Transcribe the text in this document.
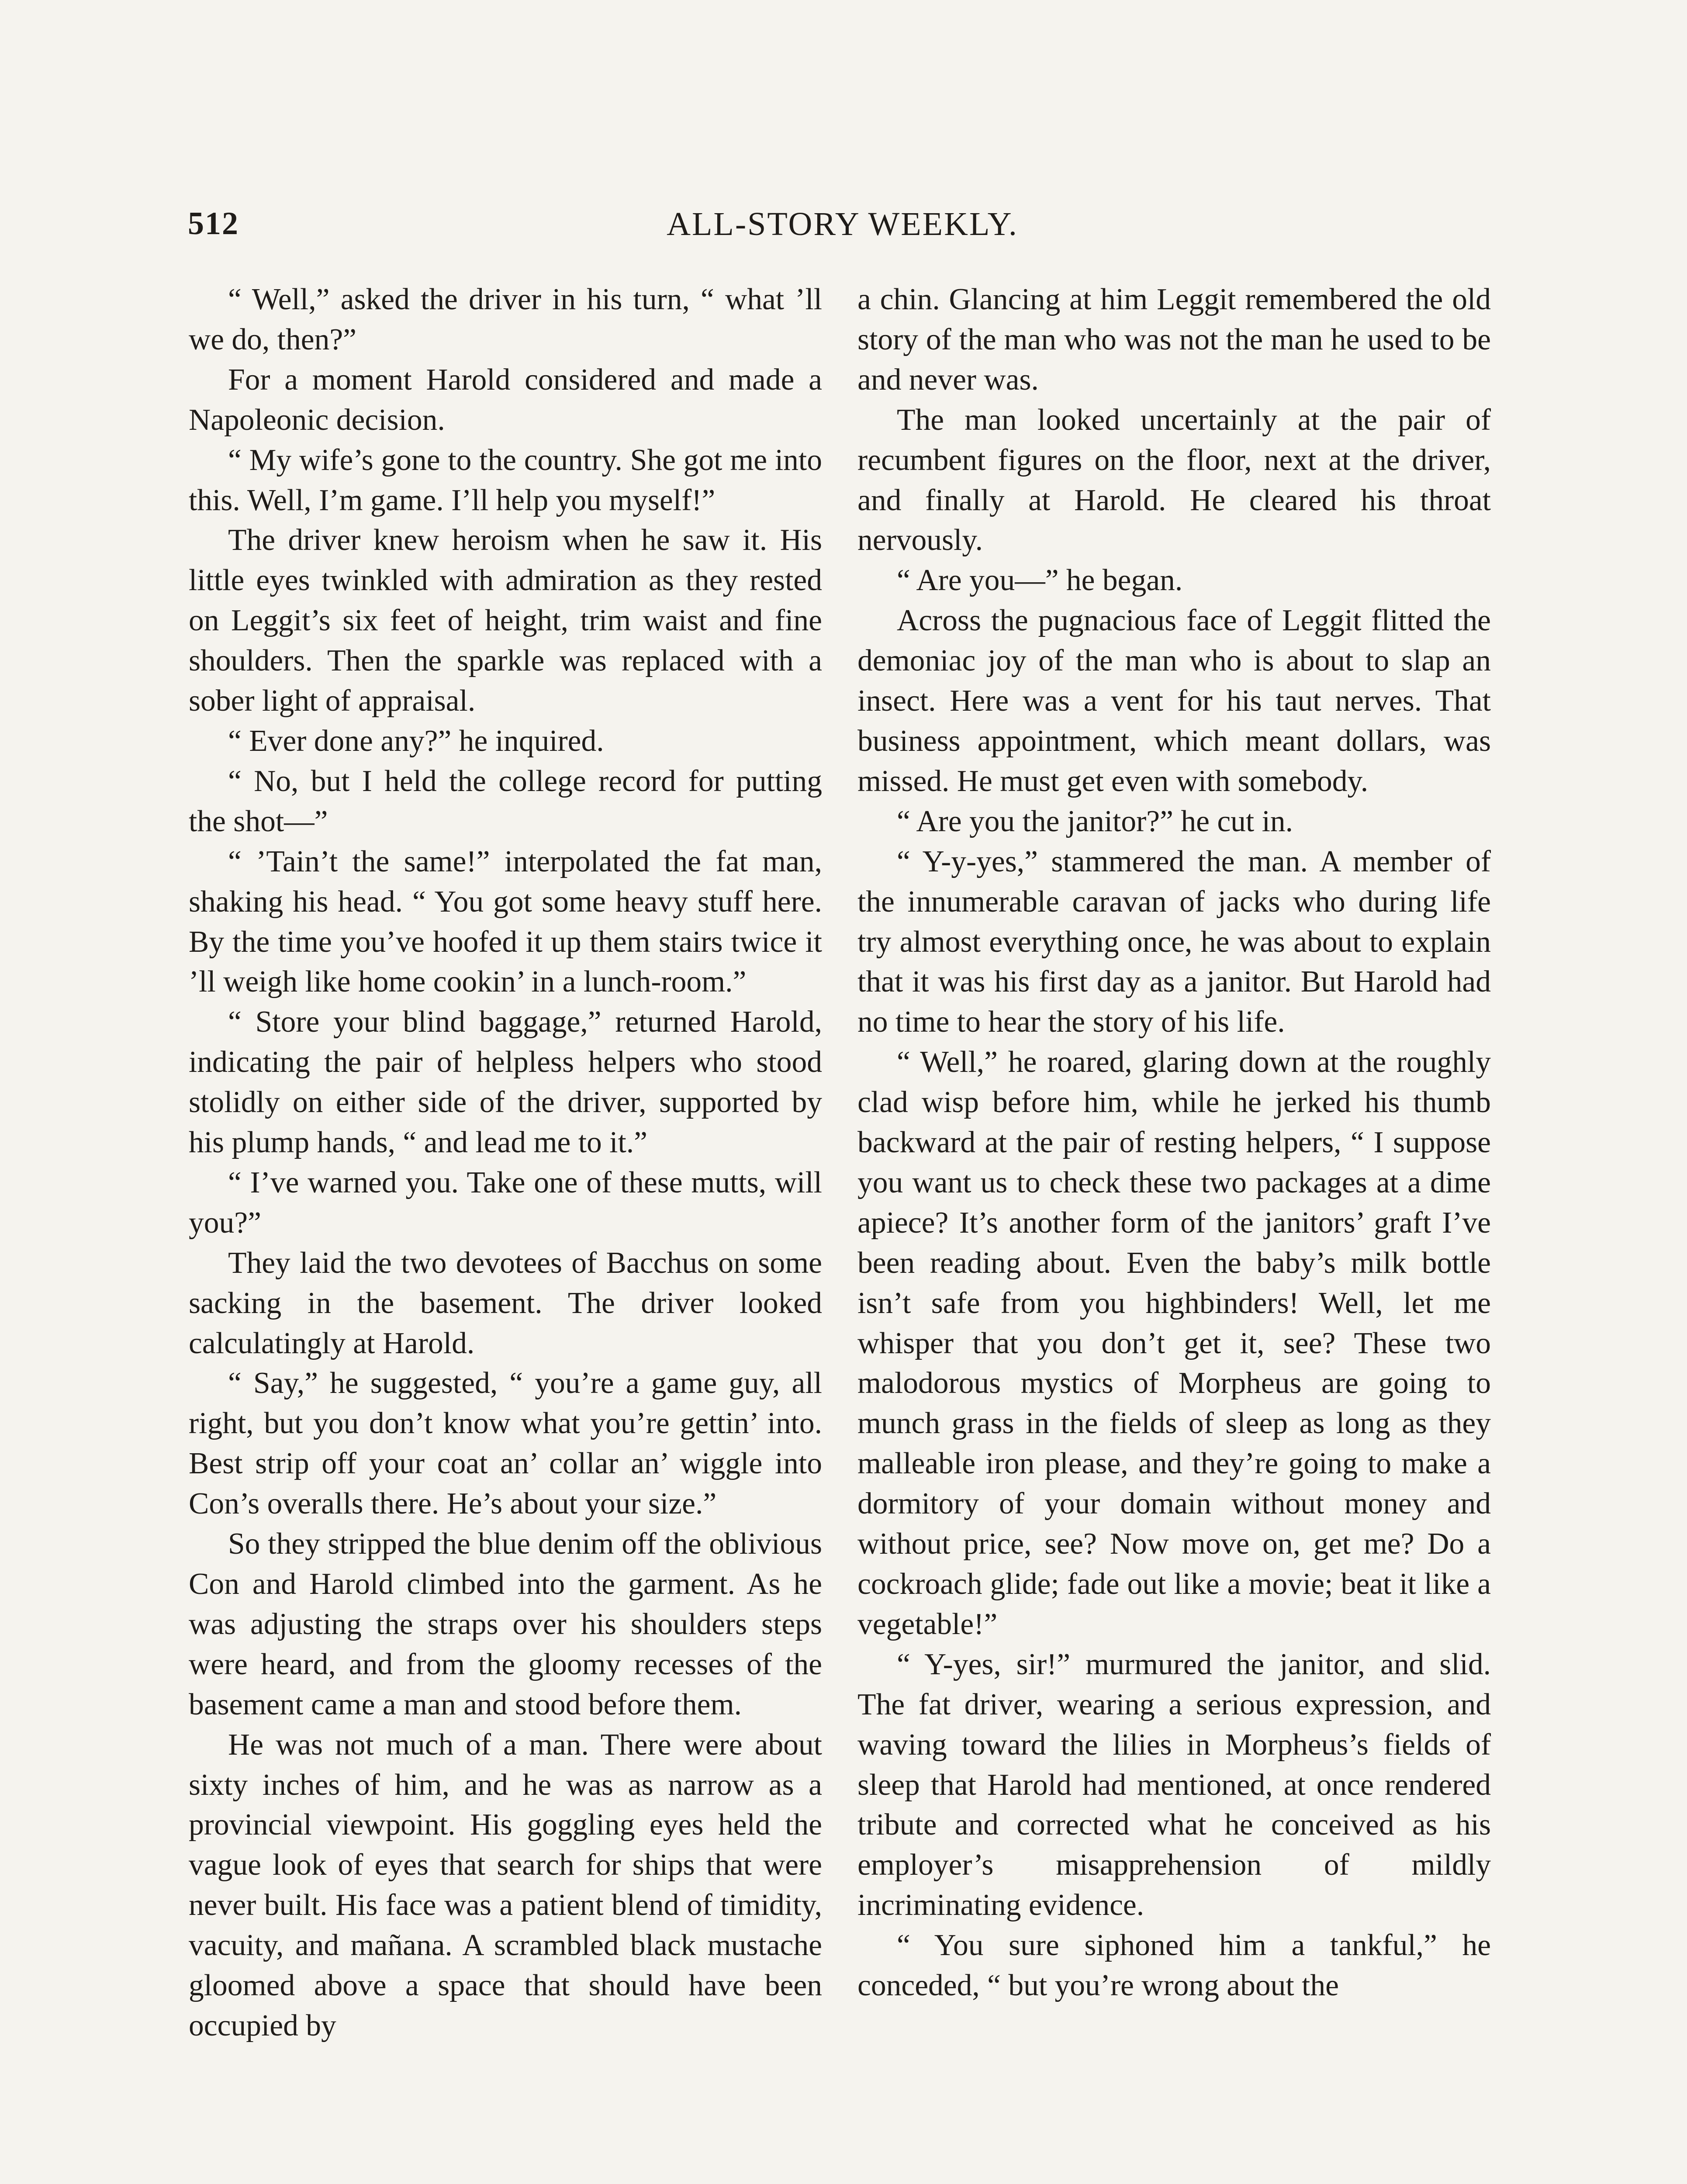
512	ALL-STORY WEEKLY.

“ Well,” asked the driver in his turn, “ what ’ll we do, then?”

For a moment Harold considered and made a Napoleonic decision.

“ My wife’s gone to the country. She got me into this. Well, I’m game. I’ll help you myself!”

The driver knew heroism when he saw it. His little eyes twinkled with admiration as they rested on Leggit’s six feet of height, trim waist and fine shoulders. Then the sparkle was replaced with a sober light of appraisal.

“ Ever done any?” he inquired.

“ No, but I held the college record for putting the shot—”

“ ’Tain’t the same!” interpolated the fat man, shaking his head. “ You got some heavy stuff here. By the time you’ve hoofed it up them stairs twice it ’ll weigh like home cookin’ in a lunch-room.”

“ Store your blind baggage,” returned Harold, indicating the pair of helpless helpers who stood stolidly on either side of the driver, supported by his plump hands, “ and lead me to it.”

“ I’ve warned you. Take one of these mutts, will you?”

They laid the two devotees of Bacchus on some sacking in the basement. The driver looked calculatingly at Harold.

“ Say,” he suggested, “ you’re a game guy, all right, but you don’t know what you’re gettin’ into. Best strip off your coat an’ collar an’ wiggle into Con’s overalls there. He’s about your size.”

So they stripped the blue denim off the oblivious Con and Harold climbed into the garment. As he was adjusting the straps over his shoulders steps were heard, and from the gloomy recesses of the basement came a man and stood before them.

He was not much of a man. There were about sixty inches of him, and he was as narrow as a provincial viewpoint. His goggling eyes held the vague look of eyes that search for ships that were never built. His face was a patient blend of timidity, vacuity, and mañana. A scrambled black mustache gloomed above a space that should have been occupied by

a chin. Glancing at him Leggit remembered the old story of the man who was not the man he used to be and never was.

The man looked uncertainly at the pair of recumbent figures on the floor, next at the driver, and finally at Harold. He cleared his throat nervously.

“ Are you—” he began.

Across the pugnacious face of Leggit flitted the demoniac joy of the man who is about to slap an insect. Here was a vent for his taut nerves. That business appointment, which meant dollars, was missed. He must get even with somebody.

“ Are you the janitor?” he cut in.

“ Y-y-yes,” stammered the man. A member of the innumerable caravan of jacks who during life try almost everything once, he was about to explain that it was his first day as a janitor. But Harold had no time to hear the story of his life.

“ Well,” he roared, glaring down at the roughly clad wisp before him, while he jerked his thumb backward at the pair of resting helpers, “ I suppose you want us to check these two packages at a dime apiece? It’s another form of the janitors’ graft I’ve been reading about. Even the baby’s milk bottle isn’t safe from you highbinders! Well, let me whisper that you don’t get it, see? These two malodorous mystics of Morpheus are going to munch grass in the fields of sleep as long as they malleable iron please, and they’re going to make a dormitory of your domain without money and without price, see? Now move on, get me? Do a cockroach glide; fade out like a movie; beat it like a vegetable!”

“ Y-yes, sir!” murmured the janitor, and slid. The fat driver, wearing a serious expression, and waving toward the lilies in Morpheus’s fields of sleep that Harold had mentioned, at once rendered tribute and corrected what he conceived as his employer’s misapprehension of mildly incriminating evidence.

“ You sure siphoned him a tankful,” he conceded, “ but you’re wrong about the
